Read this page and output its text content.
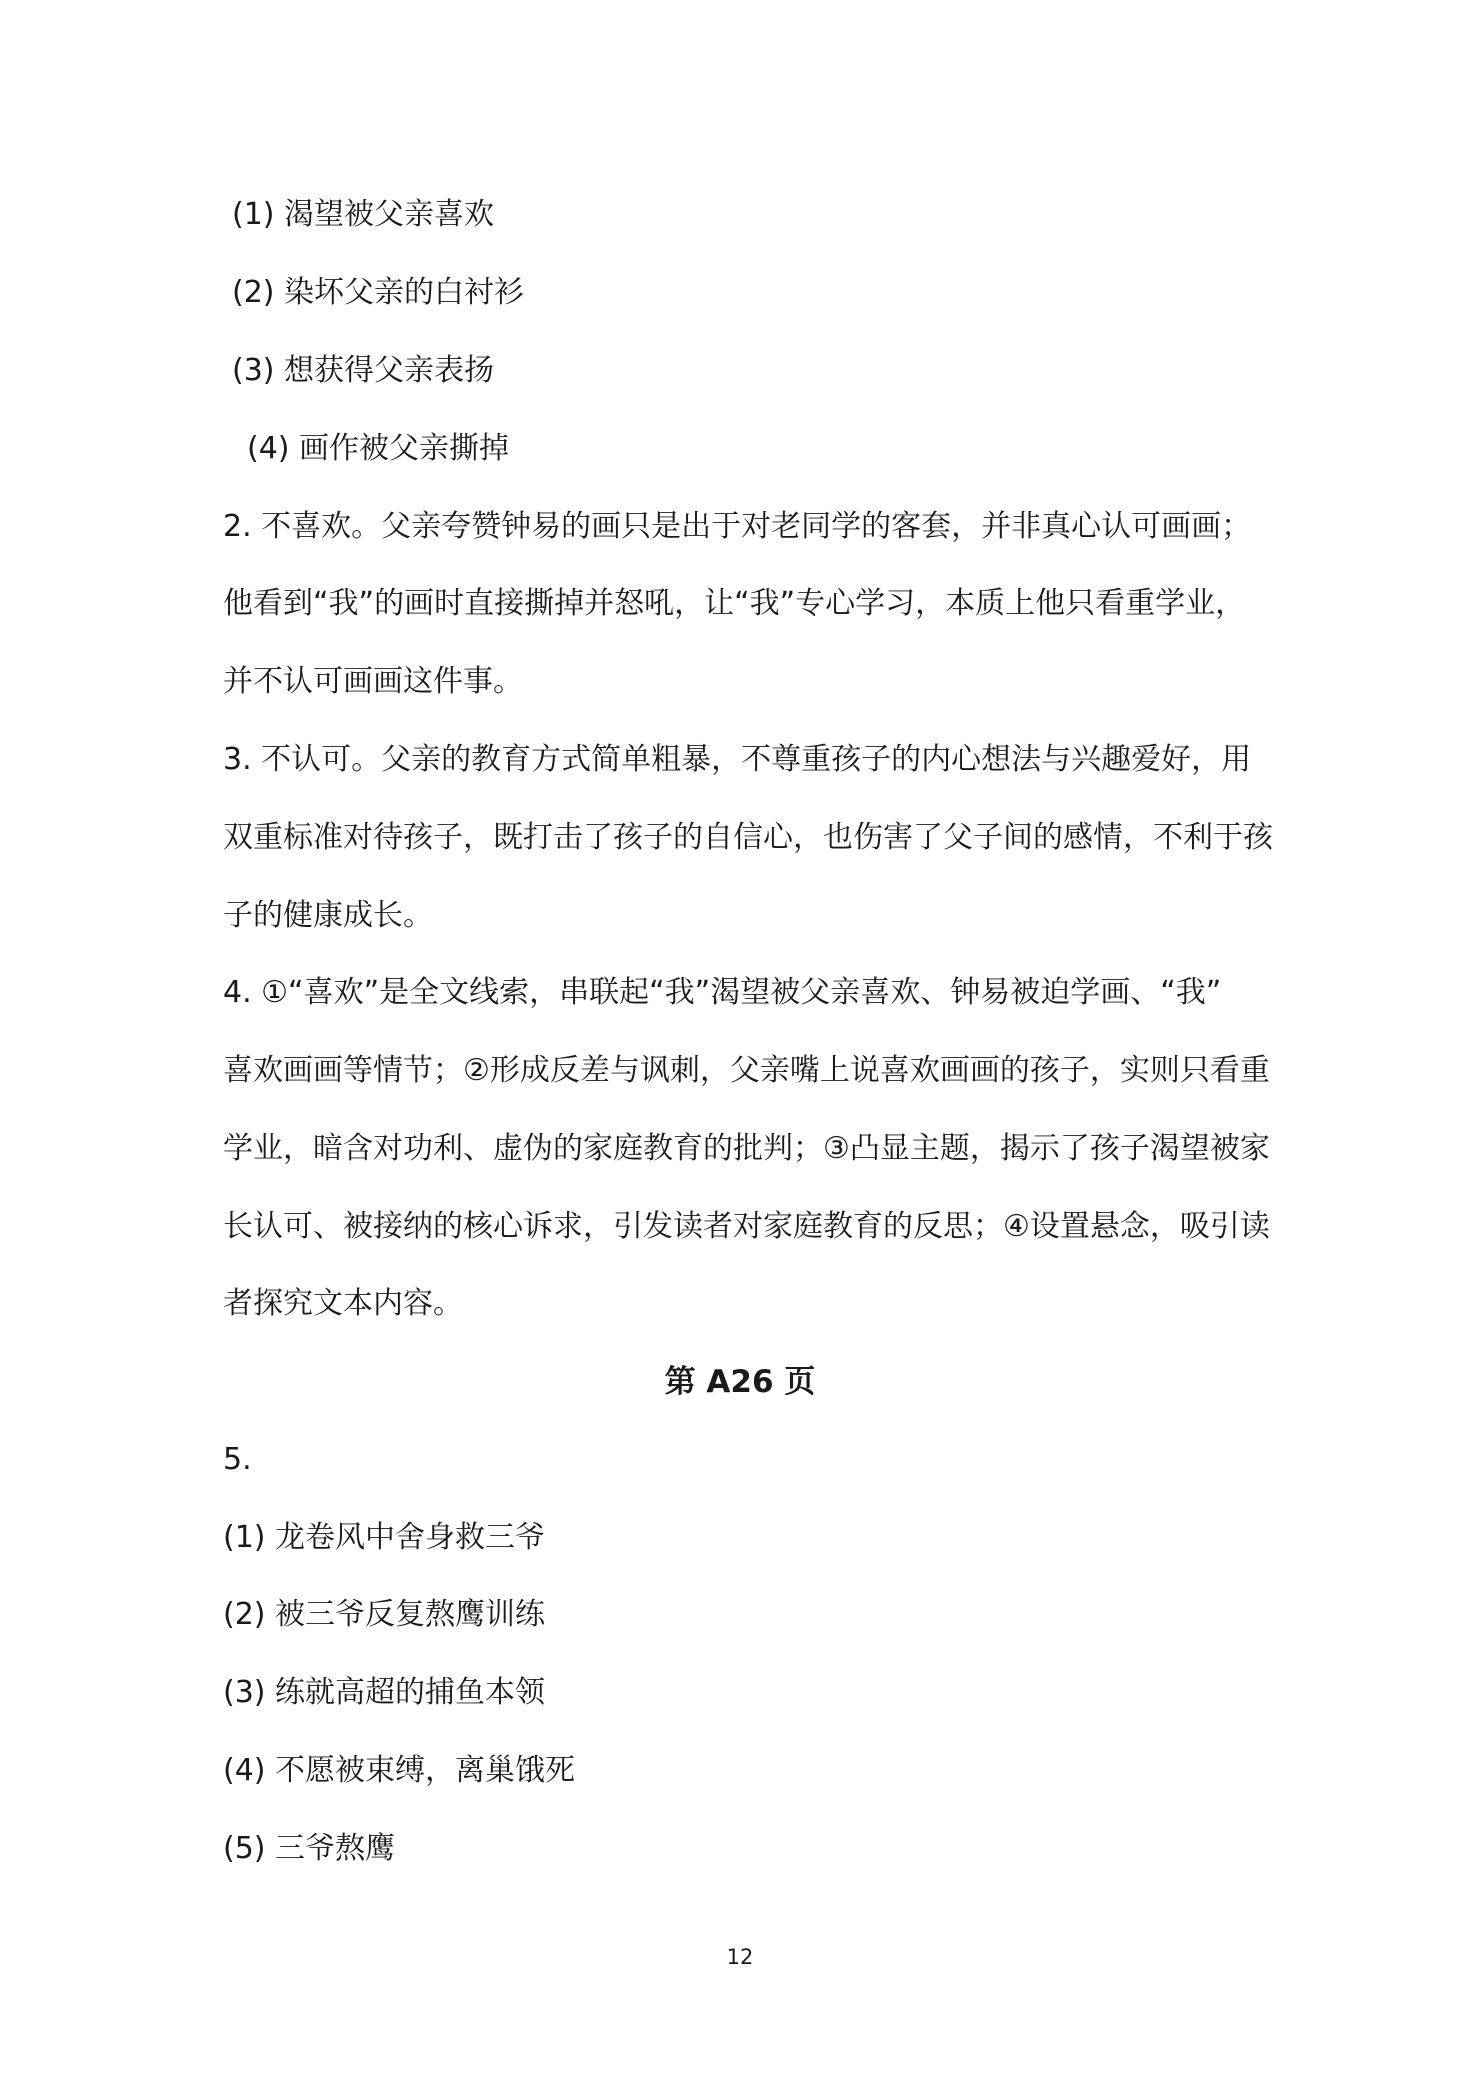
(1) 渴望被父亲喜欢

(2) 染坏父亲的白衬衫

(3) 想获得父亲表扬

(4) 画作被父亲撕掉

2. 不喜欢。父亲夸赞钟易的画只是出于对老同学的客套，并非真心认可画画；

他看到“我”的画时直接撕掉并怒吼，让“我”专心学习，本质上他只看重学业，

并不认可画画这件事。

3. 不认可。父亲的教育方式简单粗暴，不尊重孩子的内心想法与兴趣爱好，用

双重标准对待孩子，既打击了孩子的自信心，也伤害了父子间的感情，不利于孩

子的健康成长。

4. ①“喜欢”是全文线索，串联起“我”渴望被父亲喜欢、钟易被迫学画、“我”

喜欢画画等情节；②形成反差与讽刺，父亲嘴上说喜欢画画的孩子，实则只看重

学业，暗含对功利、虚伪的家庭教育的批判；③凸显主题，揭示了孩子渴望被家

长认可、被接纳的核心诉求，引发读者对家庭教育的反思；④设置悬念，吸引读

者探究文本内容。

第 A26 页

5.

(1) 龙卷风中舍身救三爷

(2) 被三爷反复熬鹰训练

(3) 练就高超的捕鱼本领

(4) 不愿被束缚，离巢饿死

(5) 三爷熬鹰

12
